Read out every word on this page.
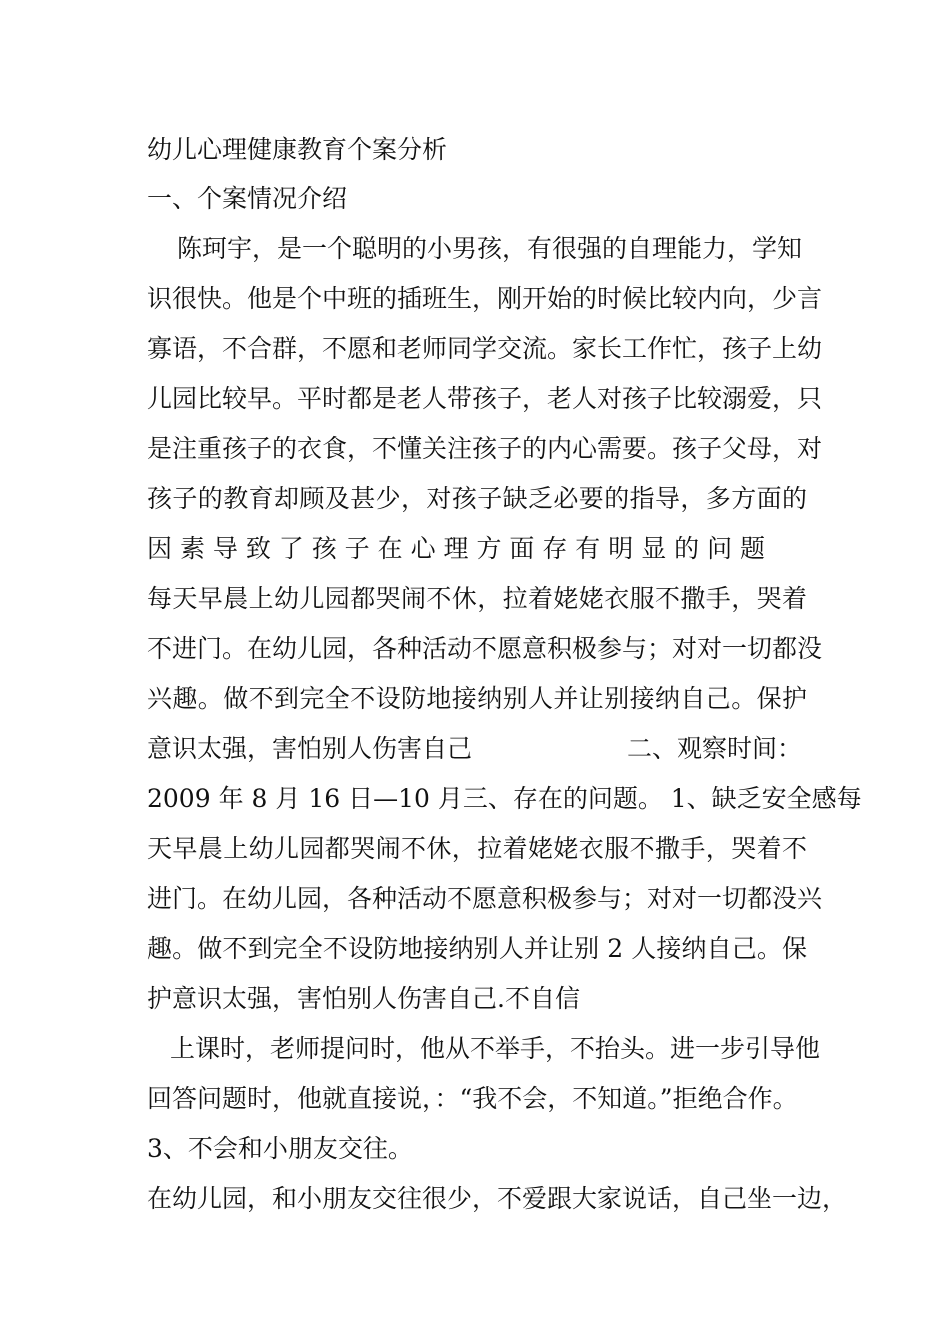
幼儿心理健康教育个案分析
一、个案情况介绍
陈珂宇，是一个聪明的小男孩，有很强的自理能力，学知
识很快。他是个中班的插班生，刚开始的时候比较内向，少言
寡语，不合群，不愿和老师同学交流。家长工作忙，孩子上幼
儿园比较早。平时都是老人带孩子，老人对孩子比较溺爱，只
是注重孩子的衣食，不懂关注孩子的内心需要。孩子父母，对
孩子的教育却顾及甚少，对孩子缺乏必要的指导，多方面的
因 素 导 致 了 孩 子 在 心 理 方 面 存 有 明 显 的 问 题
每天早晨上幼儿园都哭闹不休，拉着姥姥衣服不撒手，哭着
不进门。在幼儿园，各种活动不愿意积极参与；对对一切都没
兴趣。做不到完全不设防地接纳别人并让别接纳自己。保护
意识太强，害怕别人伤害自己	二、观察时间：
2009 年 8 月 16 日—10 月三、存在的问题。 1、缺乏安全感每
天早晨上幼儿园都哭闹不休，拉着姥姥衣服不撒手，哭着不
进门。在幼儿园，各种活动不愿意积极参与；对对一切都没兴
趣。做不到完全不设防地接纳别人并让别 2 人接纳自己。保
护意识太强，害怕别人伤害自己.不自信
上课时，老师提问时，他从不举手，不抬头。进一步引导他
回答问题时，他就直接说，：“我不会，不知道。”拒绝合作。
3、不会和小朋友交往。
在幼儿园，和小朋友交往很少，不爱跟大家说话，自己坐一边，
